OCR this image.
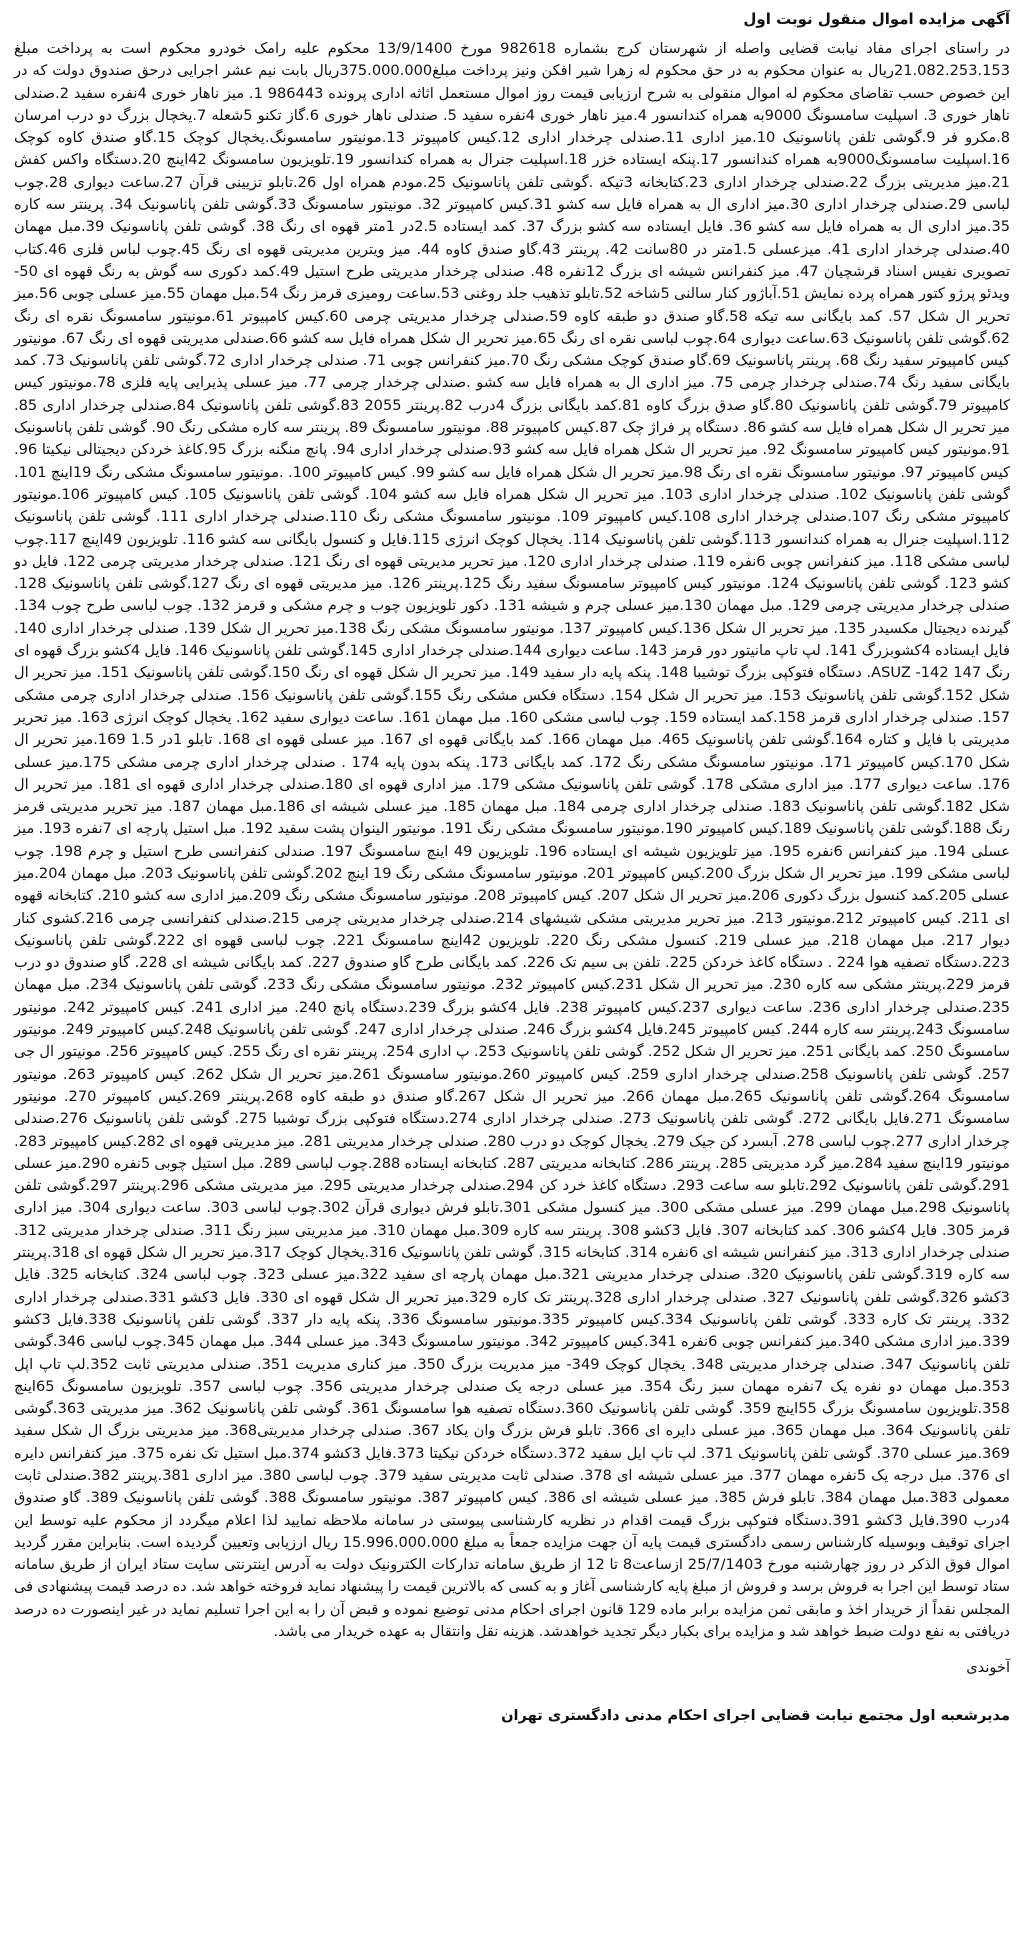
آگهی مزایده اموال منقول نوبت اول

در راستای اجرای مفاد نیابت قضایی واصله از شهرستان کرج بشماره 982618 مورخ 13/9/1400 محکوم علیه رامک خودرو محکوم است به پرداخت مبلغ 21.082.253.153ریال به عنوان محکوم به در حق محکوم له زهرا شیر افکن ونیز پرداخت مبلغ375.000.000ریال بابت نیم عشر اجرایی درحق صندوق دولت که در این خصوص حسب تقاضای محکوم له اموال منقولی به شرح ارزیابی قیمت روز اموال مستعمل اثاثه اداری پرونده 986443 1. میز ناهار خوری 4نفره سفید 2.صندلی ناهار خوری 3. اسپلیت سامسونگ 9000به همراه کندانسور 4.میز ناهار خوری 4نفره سفید 5. صندلی ناهار خوری 6.گاز تکنو 5شعله 7.یخچال بزرگ دو درب امرسان 8.مکرو فر 9.گوشی تلفن پاناسونیک 10.میز اداری 11.صندلی چرخدار اداری 12.کیس کامپیوتر 13.مونیتور سامسونگ.یخچال کوچک 15.گاو صندق کاوه کوچک 16.اسپلیت سامسونگ9000به همراه کندانسور 17.پنکه ایستاده خزر 18.اسپلیت جنرال به همراه کندانسور 19.تلویزیون سامسونگ 42اینچ 20.دستگاه واکس کفش 21.میز مدیریتی بزرگ 22.صندلی چرخدار اداری 23.کتابخانه 3تیکه .گوشی تلفن پاناسونیک 25.مودم همراه اول 26.تابلو تزیینی قرآن 27.ساعت دیواری 28.چوب لباسی 29.صندلی چرخدار اداری 30.میز اداری ال به همراه فایل سه کشو 31.کیس کامپیوتر 32. مونیتور سامسونگ 33.گوشی تلفن پاناسونیک 34. پرینتر سه کاره 35.میز اداری ال به همراه فایل سه کشو 36. فایل ایستاده سه کشو بزرگ 37. کمد ایستاده 2.5در 1متر قهوه ای رنگ 38. گوشی تلفن پاناسونیک 39.مبل مهمان 40.صندلی چرخدار اداری 41. میزعسلی 1.5متر در 80سانت 42. پرینتر 43.گاو صندق کاوه 44. میز ویترین مدیریتی قهوه ای رنگ 45.چوب لباس فلزی 46.کتاب تصویری نفیس اسناد قرشچیان 47. میز کنفرانس شیشه ای بزرگ 12نفره 48. صندلی چرخدار مدیریتی طرح استیل 49.کمد دکوری سه گوش به رنگ قهوه ای 50-ویدئو پرژو کتور همراه پرده نمایش 51.آباژور کنار سالنی 5شاخه 52.تابلو تذهیب جلد روغنی 53.ساعت رومیزی قرمز رنگ 54.مبل مهمان 55.میز عسلی چوبی 56.میز تحریر ال شکل 57. کمد بایگانی سه تیکه 58.گاو صندق دو طبقه کاوه 59.صندلی چرخدار مدیریتی چرمی 60.کیس کامپیوتر 61.مونیتور سامسونگ نقره ای رنگ 62.گوشی تلفن پاناسونیک 63.ساعت دیواری 64.چوب لباسی نقره ای رنگ 65.میز تحریر ال شکل همراه فایل سه کشو 66.صندلی مدیریتی قهوه ای رنگ 67. مونیتور کیس کامپیوتر سفید رنگ 68. پرینتر پاناسونیک 69.گاو صندق کوچک مشکی رنگ 70.میز کنفرانس چوبی 71. صندلی چرخدار اداری 72.گوشی تلفن پاناسونیک 73. کمد بایگانی سفید رنگ 74.صندلی چرخدار چرمی 75. میز اداری ال به همراه فایل سه کشو .صندلی چرخدار چرمی 77. میز عسلی پذیرایی پایه فلزی 78.مونیتور کیس کامپیوتر 79.گوشی تلفن پاناسونیک 80.گاو صدق بزرگ کاوه 81.کمد بایگانی بزرگ 4درب 82.پرینتر 2055 83.گوشی تلفن پاناسونیک 84.صندلی چرخدار اداری 85. میز تحریر ال شکل همراه فایل سه کشو 86. دستگاه پر فراژ چک 87.کیس کامپیوتر 88. مونیتور سامسونگ 89. پرینتر سه کاره مشکی رنگ 90. گوشی تلفن پاناسونیک 91.مونیتور کیس کامپیوتر سامسونگ 92. میز تحریر ال شکل همراه فایل سه کشو 93.صندلی چرخدار اداری 94. پانچ منگنه بزرگ 95.کاغذ خردکن دیجیتالی نیکیتا 96. کیس کامپیوتر 97. مونیتور سامسونگ نقره ای رنگ 98.میز تحریر ال شکل همراه فایل سه کشو 99. کیس کامپیوتر 100. .مونیتور سامسونگ مشکی رنگ 19اینچ 101. گوشی تلفن پاناسونیک 102. صندلی چرخدار اداری 103. میز تحریر ال شکل همراه فایل سه کشو 104. گوشی تلفن پاناسونیک 105. کیس کامپیوتر 106.مونیتور کامپیوتر مشکی رنگ 107.صندلی چرخدار اداری 108.کیس کامپیوتر 109. مونیتور سامسونگ مشکی رنگ 110.صندلی چرخدار اداری 111. گوشی تلفن پاناسونیک 112.اسپلیت جنرال به همراه کندانسور 113.گوشی تلفن پاناسونیک 114. یخچال کوچک انرژی 115.فایل و کنسول بایگانی سه کشو 116. تلویزیون 49اینچ 117.چوب لباسی مشکی 118. میز کنفرانس چوبی 6نفره 119. صندلی چرخدار اداری 120. میز تحریر مدیریتی قهوه ای رنگ 121. صندلی چرخدار مدیریتی چرمی 122. فایل دو کشو 123. گوشی تلفن پاناسونیک 124. مونیتور کیس کامپیوتر سامسونگ سفید رنگ 125.پرینتر 126. میز مدیریتی قهوه ای رنگ 127.گوشی تلفن پاناسونیک 128. صندلی چرخدار مدیریتی چرمی 129. مبل مهمان 130.میز عسلی چرم و شیشه 131. دکور تلویزیون چوب و چرم مشکی و قرمز 132. چوب لباسی طرح چوب 134. گیرنده دیجیتال مکسیدر 135. میز تحریر ال شکل 136.کیس کامپیوتر 137. مونیتور سامسونگ مشکی رنگ 138.میز تحریر ال شکل 139. صندلی چرخدار اداری 140. فایل ایستاده 4کشوبزرگ 141. لپ تاپ مانیتور دور قرمز 143. ساعت دیواری 144.صندلی چرخدار اداری 145.گوشی تلفن پاناسونیک 146. فایل 4کشو بزرگ قهوه ای رنگ ASUZ -142 147. دستگاه فتوکپی بزرگ توشیبا 148. پنکه پایه دار سفید 149. میز تحریر ال شکل قهوه ای رنگ 150.گوشی تلفن پاناسونیک 151. میز تحریر ال شکل 152.گوشی تلفن پاناسونیک 153. میز تحریر ال شکل 154. دستگاه فکس مشکی رنگ 155.گوشی تلفن پاناسونیک 156. صندلی چرخدار اداری چرمی مشکی 157. صندلی چرخدار اداری قرمز 158.کمد ایستاده 159. چوب لباسی مشکی 160. مبل مهمان 161. ساعت دیواری سفید 162. یخچال کوچک انرژی 163. میز تحریر مدیریتی با فایل و کتاره 164.گوشی تلفن پاناسونیک 465. مبل مهمان 166. کمد بایگانی قهوه ای 167. میز عسلی قهوه ای 168. تابلو 1در 1.5 169.میز تحریر ال شکل 170.کیس کامپیوتر 171. مونیتور سامسونگ مشکی رنگ 172. کمد بایگانی 173. پنکه بدون پایه 174 . صندلی چرخدار اداری چرمی مشکی 175.میز عسلی 176. ساعت دیواری 177. میز اداری مشکی 178. گوشی تلفن پاناسونیک مشکی 179. میز اداری قهوه ای 180.صندلی چرخدار اداری قهوه ای 181. میز تحریر ال شکل 182.گوشی تلفن پاناسونیک 183. صندلی چرخدار اداری چرمی 184. مبل مهمان 185. میز عسلی شیشه ای 186.مبل مهمان 187. میز تحریر مدیریتی قرمز رنگ 188.گوشی تلفن پاناسونیک 189.کیس کامپیوتر 190.مونیتور سامسونگ مشکی رنگ 191. مونیتور الینوان پشت سفید 192. مبل استیل پارچه ای 7نفره 193. میز عسلی 194. میز کنفرانس 6نفره 195. میز تلویزیون شیشه ای ایستاده 196. تلویزیون 49 اینچ سامسونگ 197. صندلی کنفرانسی طرح استیل و چرم 198. چوب لباسی مشکی 199. میز تحریر ال شکل بزرگ 200.کیس کامپیوتر 201. مونیتور سامسونگ مشکی رنگ 19 اینچ 202.گوشی تلفن پاناسونیک 203. مبل مهمان 204.میز عسلی 205.کمد کنسول بزرگ دکوری 206.میز تحریر ال شکل 207. کیس کامپیوتر 208. مونیتور سامسونگ مشکی رنگ 209.میز اداری سه کشو 210. کتابخانه قهوه ای 211. کیس کامپیوتر 212.مونیتور 213. میز تحریر مدیریتی مشکی شیشهای 214.صندلی چرخدار مدیریتی چرمی 215.صندلی کنفرانسی چرمی 216.کشوی کنار دیوار 217. مبل مهمان 218. میز عسلی 219. کنسول مشکی رنگ 220. تلویزیون 42اینچ سامسونگ 221. چوب لباسی قهوه ای 222.گوشی تلفن پاناسونیک 223.دستگاه تصفیه هوا 224 . دستگاه کاغذ خردکن 225. تلفن بی سیم تک 226. کمد بایگانی طرح گاو صندوق 227. کمد بایگانی شیشه ای 228. گاو صندوق دو درب قرمز 229.پرینتر مشکی سه کاره 230. میز تحریر ال شکل 231.کیس کامپیوتر 232. مونیتور سامسونگ مشکی رنگ 233. گوشی تلفن پاناسونیک 234. مبل مهمان 235.صندلی چرخدار اداری 236. ساعت دیواری 237.کیس کامپیوتر 238. فایل 4کشو بزرگ 239.دستگاه پانچ 240. میز اداری 241. کیس کامپیوتر 242. مونیتور سامسونگ 243.پرینتر سه کاره 244. کیس کامپیوتر 245.فایل 4کشو بزرگ 246. صندلی چرخدار اداری 247. گوشی تلفن پاناسونیک 248.کیس کامپیوتر 249. مونیتور سامسونگ 250. کمد بایگانی 251. میز تحریر ال شکل 252. گوشی تلفن پاناسونیک 253. پ اداری 254. پرینتر نقره ای رنگ 255. کیس کامپیوتر 256. مونیتور ال جی 257. گوشی تلفن پاناسونیک 258.صندلی چرخدار اداری 259. کیس کامپیوتر 260.مونیتور سامسونگ 261.میز تحریر ال شکل 262. کیس کامپیوتر 263. مونیتور سامسونگ 264.گوشی تلفن پاناسونیک 265.مبل مهمان 266. میز تحریر ال شکل 267.گاو صندق دو طبقه کاوه 268.پرینتر 269.کیس کامپیوتر 270. مونیتور سامسونگ 271.فایل بایگانی 272. گوشی تلفن پاناسونیک 273. صندلی چرخدار اداری 274.دستگاه فتوکپی بزرگ توشیبا 275. گوشی تلفن پاناسونیک 276.صندلی چرخدار اداری 277.چوب لباسی 278. آبسرد کن جیک 279. یخچال کوچک دو درب 280. صندلی چرخدار مدیریتی 281. میز مدیریتی قهوه ای 282.کیس کامپیوتر 283. مونیتور 19اینچ سفید 284.میز گرد مدیریتی 285. پرینتر 286. کتابخانه مدیریتی 287. کتابخانه ایستاده 288.چوب لباسی 289. مبل استیل چوبی 5نفره 290.میز عسلی 291.گوشی تلفن پاناسونیک 292.تابلو سه ساعت 293. دستگاه کاغذ خرد کن 294.صندلی چرخدار مدیریتی 295. میز مدیریتی مشکی 296.پرینتر 297.گوشی تلفن پاناسونیک 298.مبل مهمان 299. میز عسلی مشکی 300. میز کنسول مشکی 301.تابلو فرش دیواری قرآن 302.چوب لباسی 303. ساعت دیواری 304. میز اداری قرمز 305. فایل 4کشو 306. کمد کتابخانه 307. فایل 3کشو 308. پرینتر سه کاره 309.مبل مهمان 310. میز مدیریتی سبز رنگ 311. صندلی چرخدار مدیریتی 312. صندلی چرخدار اداری 313. میز کنفرانس شیشه ای 6نفره 314. کتابخانه 315. گوشی تلفن پاناسونیک 316.یخچال کوچک 317.میز تحریر ال شکل قهوه ای 318.پرینتر سه کاره 319.گوشی تلفن پاناسونیک 320. صندلی چرخدار مدیریتی 321.مبل مهمان پارچه ای سفید 322.میز عسلی 323. چوب لباسی 324. کتابخانه 325. فایل 3کشو 326.گوشی تلفن پاناسونیک 327. صندلی چرخدار اداری 328.پرینتر تک کاره 329.میز تحریر ال شکل قهوه ای 330. فایل 3کشو 331.صندلی چرخدار اداری 332. پرینتر تک کاره 333. گوشی تلفن پاناسونیک 334.کیس کامپیوتر 335.مونیتور سامسونگ 336. پنکه پایه دار 337. گوشی تلفن پاناسونیک 338.فایل 3کشو 339.میز اداری مشکی 340.میز کنفرانس چوبی 6نفره 341.کیس کامپیوتر 342. مونیتور سامسونگ 343. میز عسلی 344. مبل مهمان 345.چوب لباسی 346.گوشی تلفن پاناسونیک 347. صندلی چرخدار مدیریتی 348. یخچال کوچک 349- میز مدیریت بزرگ 350. میز کناری مدیریت 351. صندلی مدیریتی ثابت 352.لپ تاپ اپل 353.مبل مهمان دو نفره یک 7نفره مهمان سبز رنگ 354. میز عسلی درجه یک صندلی چرخدار مدیریتی 356. چوب لباسی 357. تلویزیون سامسونگ 65اینچ 358.تلویزیون سامسونگ بزرگ 55اینچ 359. گوشی تلفن پاناسونیک 360.دستگاه تصفیه هوا سامسونگ 361. گوشی تلفن پاناسونیک 362. میز مدیریتی 363.گوشی تلفن پاناسونیک 364. مبل مهمان 365. میز عسلی دایره ای 366. تابلو فرش بزرگ وان یکاد 367. صندلی چرخدار مدیریتی368. میز مدیریتی بزرگ ال شکل سفید 369.میز عسلی 370. گوشی تلفن پاناسونیک 371. لپ تاپ ایل سفید 372.دستگاه خردکن نیکیتا 373.فایل 3کشو 374.مبل استیل تک نفره 375. میز کنفرانس دایره ای 376. مبل درجه یک 5نفره مهمان 377. میز عسلی شیشه ای 378. صندلی ثابت مدیریتی سفید 379. چوب لباسی 380. میز اداری 381.پرینتر 382.صندلی ثابت معمولی 383.مبل مهمان 384. تابلو فرش 385. میز عسلی شیشه ای 386. کیس کامپیوتر 387. مونیتور سامسونگ 388. گوشی تلفن پاناسونیک 389. گاو صندوق 4درب 390.فایل 3کشو 391.دستگاه فتوکپی بزرگ قیمت اقدام در نظریه کارشناسی پیوستی در سامانه ملاحظه نمایید لذا اعلام میگردد از محکوم علیه توسط این اجرای توقیف وبوسیله کارشناس رسمی دادگستری قیمت پایه آن جهت مزایده جمعاً به مبلغ 15.996.000.000 ریال ارزیابی وتعیین گردیده است. بنابراین مقرر گردید اموال فوق الذکر در روز چهارشنبه مورخ 25/7/1403 ازساعت8 تا 12 از طریق سامانه تدارکات الکترونیک دولت به آدرس اینترنتی سایت ستاد ایران از طریق سامانه ستاد توسط این اجرا به فروش برسد و فروش از مبلغ پایه کارشناسی آغاز و به کسی که بالاترین قیمت را پیشنهاد نماید فروخته خواهد شد. ده درصد قیمت پیشنهادی فی المجلس نقداً از خریدار اخذ و مابقی ثمن مزایده برابر ماده 129 قانون اجرای احکام مدنی توضیع نموده و قبض آن را به این اجرا تسلیم نماید در غیر اینصورت ده درصد دریافتی به نفع دولت ضبط خواهد شد و مزایده برای بکبار دیگر تجدید خواهدشد. هزینه نقل وانتقال به عهده خریدار می باشد.

آخوندی

مدیرشعبه اول مجتمع نیابت قضایی اجرای احکام مدنی دادگستری تهران
